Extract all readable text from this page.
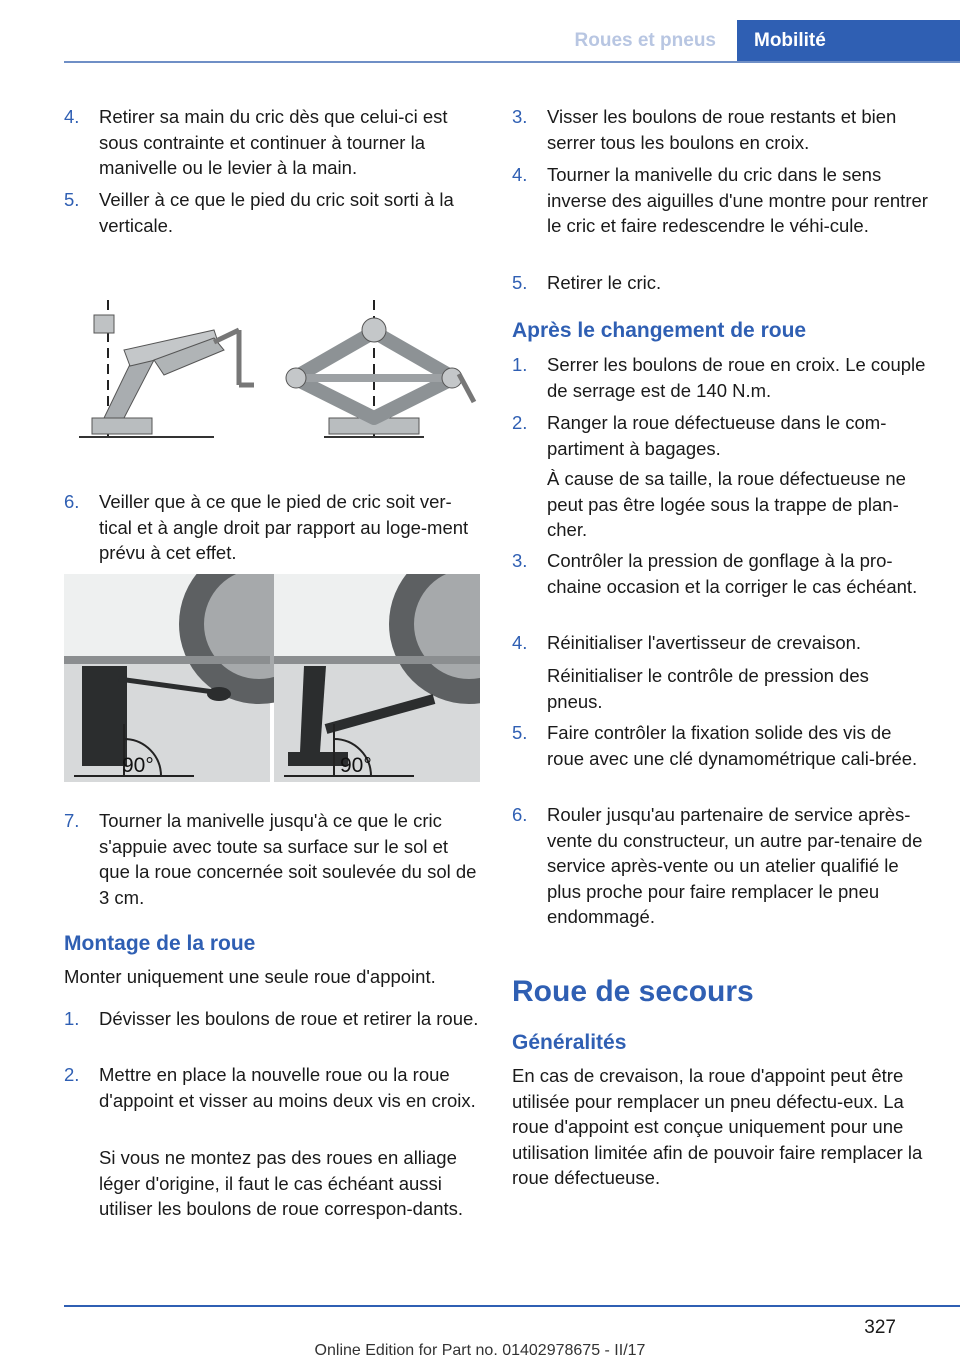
Roues et pneus	Mobilité
4. Retirer sa main du cric dès que celui-ci est sous contrainte et continuer à tourner la manivelle ou le levier à la main.
5. Veiller à ce que le pied du cric soit sorti à la verticale.
6. Veiller que à ce que le pied de cric soit ver‐tical et à angle droit par rapport au loge‐ment prévu à cet effet.
90°	90°
7. Tourner la manivelle jusqu'à ce que le cric s'appuie avec toute sa surface sur le sol et que la roue concernée soit soulevée du sol de 3 cm.
Montage de la roue
Monter uniquement une seule roue d'appoint.
1. Dévisser les boulons de roue et retirer la roue.
2. Mettre en place la nouvelle roue ou la roue d'appoint et visser au moins deux vis en croix.
Si vous ne montez pas des roues en alliage léger d'origine, il faut le cas échéant aussi utiliser les boulons de roue correspon‐dants.
3. Visser les boulons de roue restants et bien serrer tous les boulons en croix.
4. Tourner la manivelle du cric dans le sens inverse des aiguilles d'une montre pour rentrer le cric et faire redescendre le véhi‐cule.
5. Retirer le cric.
Après le changement de roue
1. Serrer les boulons de roue en croix. Le couple de serrage est de 140 N.m.
2. Ranger la roue défectueuse dans le com‐partiment à bagages.
À cause de sa taille, la roue défectueuse ne peut pas être logée sous la trappe de plan‐cher.
3. Contrôler la pression de gonflage à la pro‐chaine occasion et la corriger le cas échéant.
4. Réinitialiser l'avertisseur de crevaison.
Réinitialiser le contrôle de pression des pneus.
5. Faire contrôler la fixation solide des vis de roue avec une clé dynamométrique cali‐brée.
6. Rouler jusqu'au partenaire de service après-vente du constructeur, un autre par‐tenaire de service après-vente ou un atelier qualifié le plus proche pour faire remplacer le pneu endommagé.
Roue de secours
Généralités
En cas de crevaison, la roue d'appoint peut être utilisée pour remplacer un pneu défectu‐eux. La roue d'appoint est conçue uniquement pour une utilisation limitée afin de pouvoir faire remplacer la roue défectueuse.
327
Online Edition for Part no. 01402978675 - II/17
